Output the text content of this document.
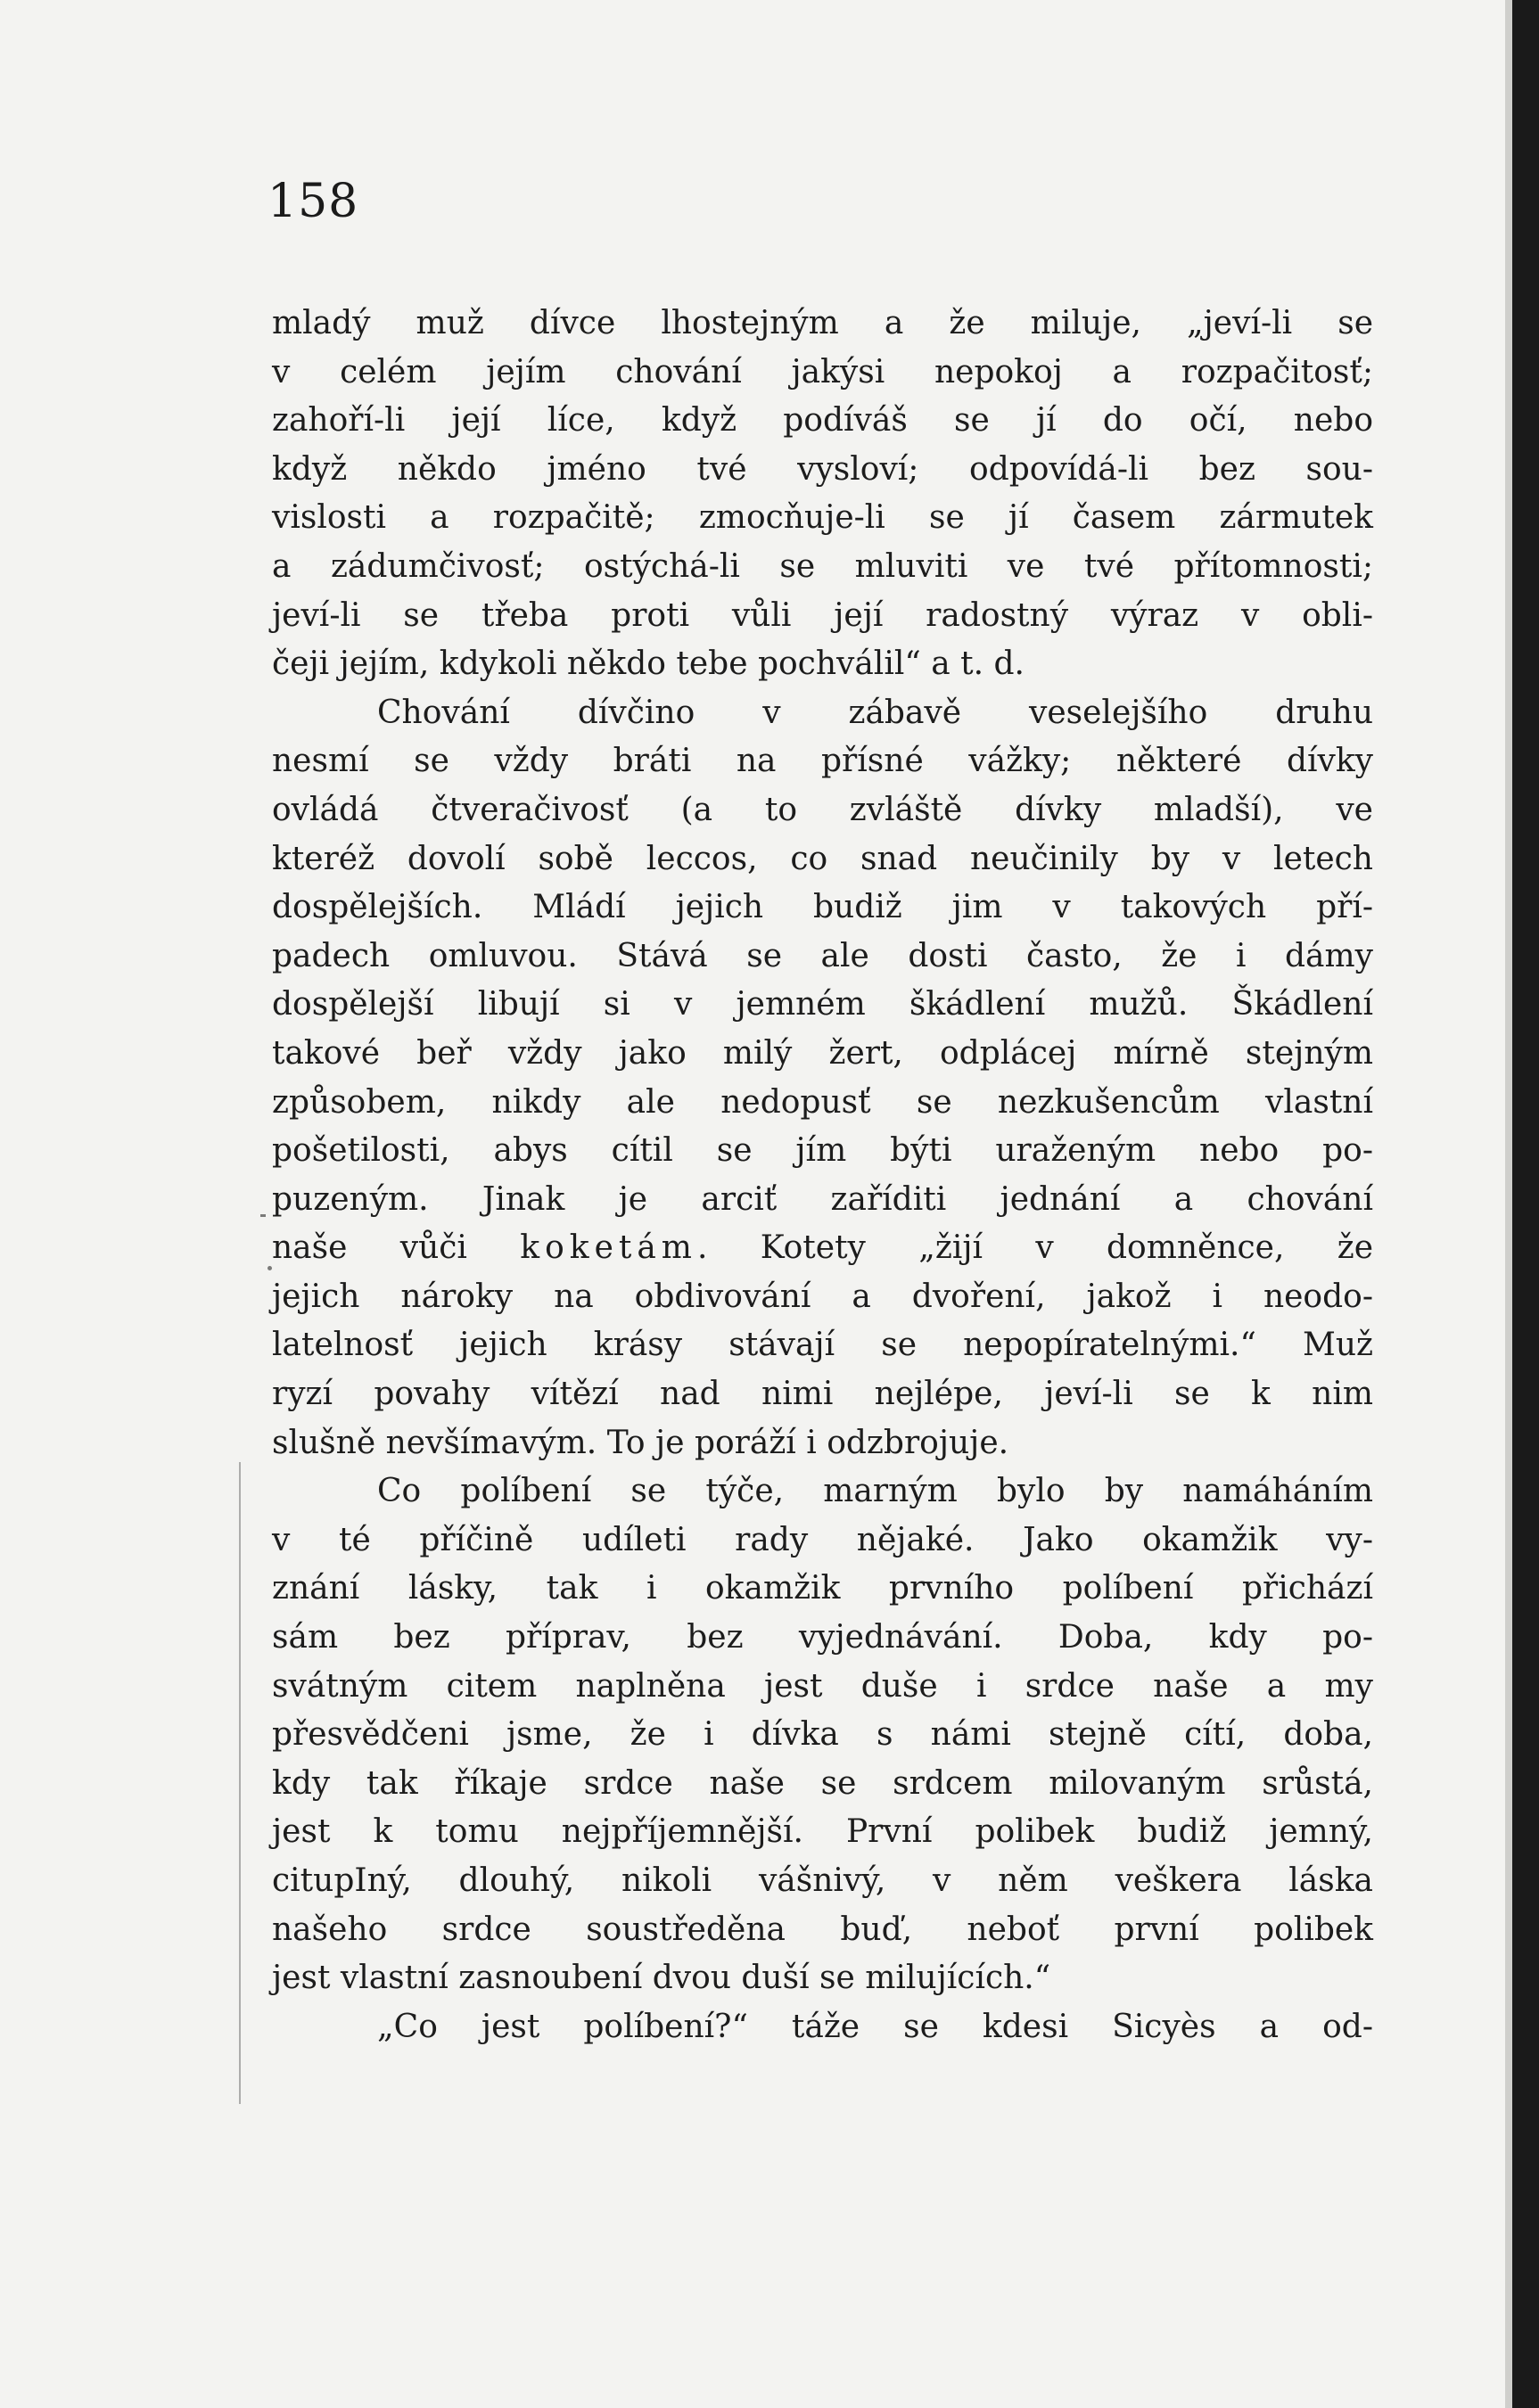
158

mladý muž dívce lhostejným a že miluje, „jeví-li se

v celém jejím chování jakýsi nepokoj a rozpačitosť;

zahoří-li její líce, když podíváš se jí do očí, nebo

když někdo jméno tvé vysloví; odpovídá-li bez sou-

vislosti a rozpačitě; zmocňuje-li se jí časem zármutek

a zádumčivosť; ostýchá-li se mluviti ve tvé přítomnosti;

jeví-li se třeba proti vůli její radostný výraz v obli-

čeji jejím, kdykoli někdo tebe pochválil“ a t. d.

Chování dívčino v zábavě veselejšího druhu

nesmí se vždy bráti na přísné vážky; některé dívky

ovládá čtveračivosť (a to zvláště dívky mladší), ve

kteréž dovolí sobě leccos, co snad neučinily by v letech

dospělejších. Mládí jejich budiž jim v takových pří-

padech omluvou. Stává se ale dosti často, že i dámy

dospělejší libují si v jemném škádlení mužů. Škádlení

takové beř vždy jako milý žert, odplácej mírně stejným

způsobem, nikdy ale nedopusť se nezkušencům vlastní

pošetilosti, abys cítil se jím býti uraženým nebo po-

puzeným. Jinak je arciť zaříditi jednání a chování

naše vůči koketám. Kotety „žijí v domněnce, že

jejich nároky na obdivování a dvoření, jakož i neodo-

latelnosť jejich krásy stávají se nepopíratelnými.“ Muž

ryzí povahy vítězí nad nimi nejlépe, jeví-li se k nim

slušně nevšímavým. To je poráží i odzbrojuje.

Co políbení se týče, marným bylo by namáháním

v té příčině udíleti rady nějaké. Jako okamžik vy-

znání lásky, tak i okamžik prvního políbení přichází

sám bez příprav, bez vyjednávání. Doba, kdy po-

svátným citem naplněna jest duše i srdce naše a my

přesvědčeni jsme, že i dívka s námi stejně cítí, doba,

kdy tak říkaje srdce naše se srdcem milovaným srůstá,

jest k tomu nejpříjemnější. První polibek budiž jemný,

citupIný, dlouhý, nikoli vášnivý, v něm veškera láska

našeho srdce soustředěna buď, neboť první polibek

jest vlastní zasnoubení dvou duší se milujících.“

„Co jest políbení?“ táže se kdesi Sicyès a od-
